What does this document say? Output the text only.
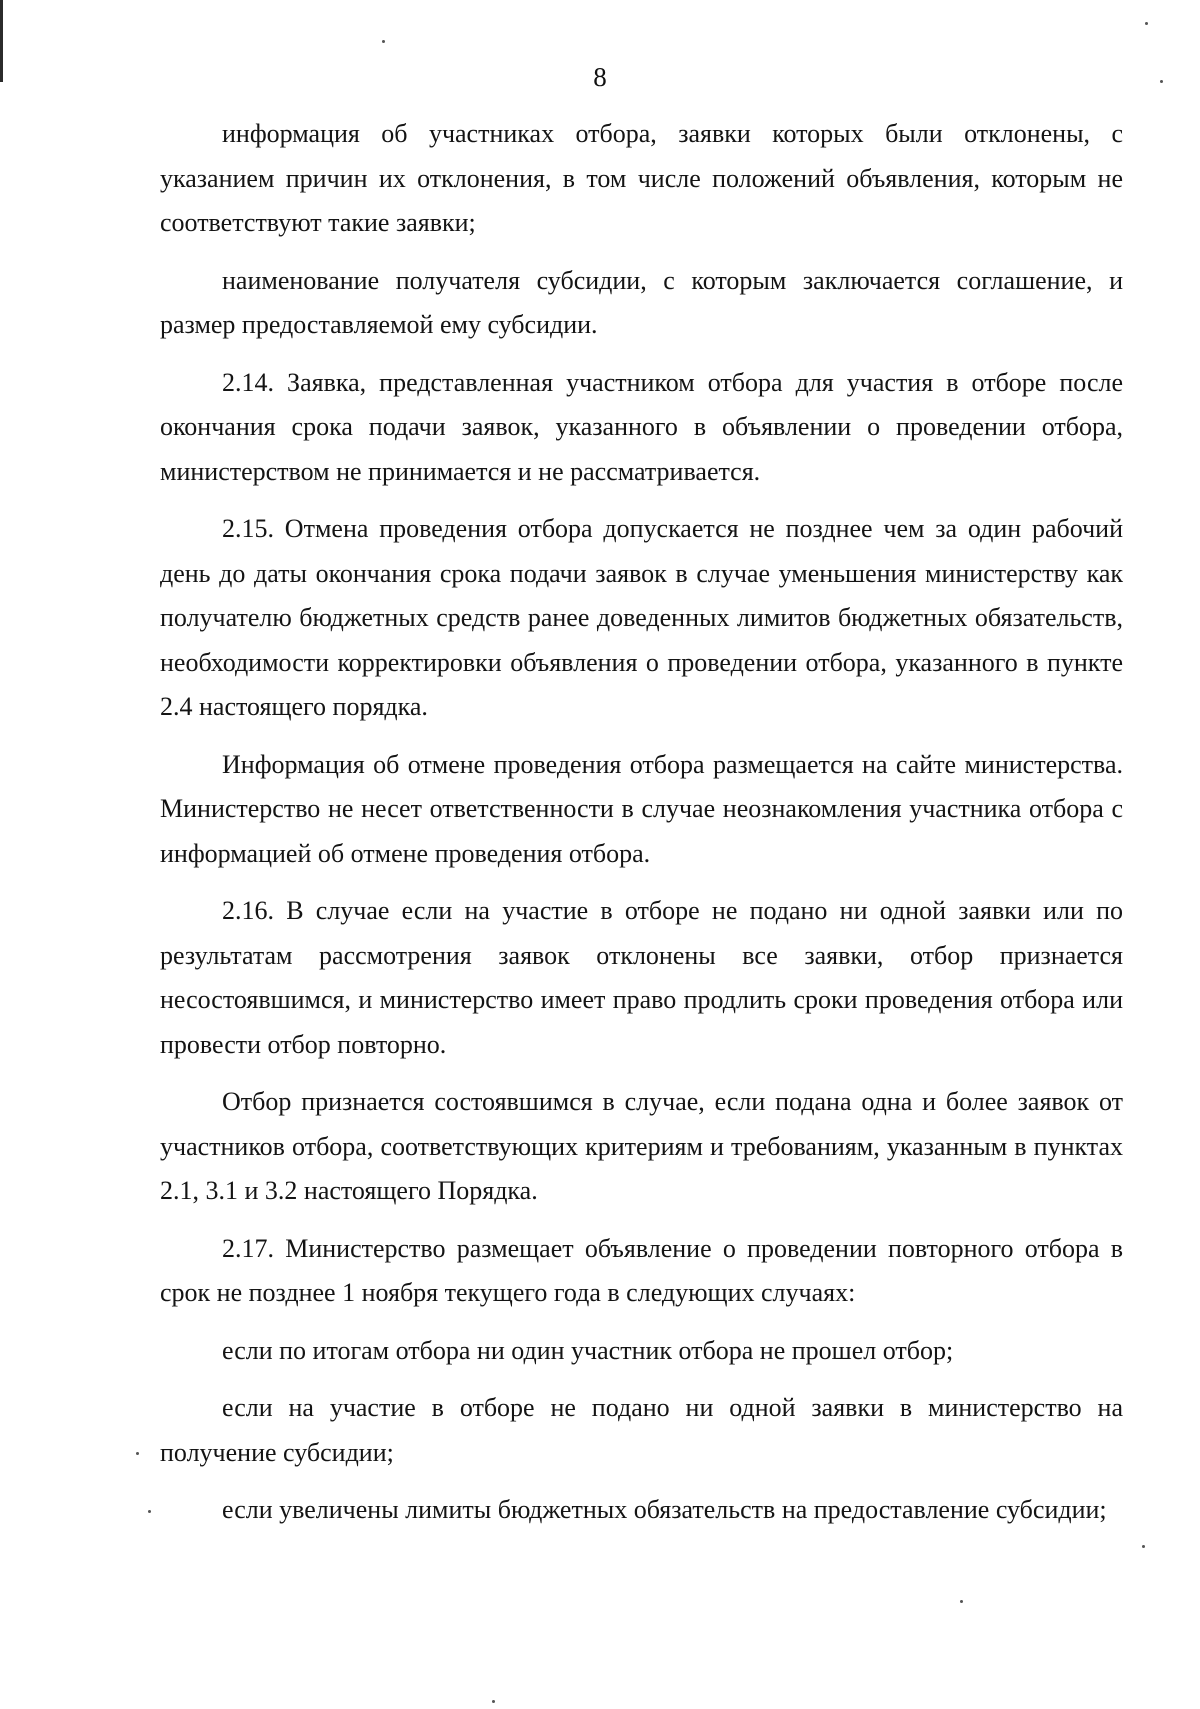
8

информация об участниках отбора, заявки которых были отклонены, с указанием причин их отклонения, в том числе положений объявления, которым не соответствуют такие заявки;

наименование получателя субсидии, с которым заключается соглашение, и размер предоставляемой ему субсидии.

2.14. Заявка, представленная участником отбора для участия в отборе после окончания срока подачи заявок, указанного в объявлении о проведении отбора, министерством не принимается и не рассматривается.

2.15. Отмена проведения отбора допускается не позднее чем за один рабочий день до даты окончания срока подачи заявок в случае уменьшения министерству как получателю бюджетных средств ранее доведенных лимитов бюджетных обязательств, необходимости корректировки объявления о проведении отбора, указанного в пункте 2.4 настоящего порядка.

Информация об отмене проведения отбора размещается на сайте министерства. Министерство не несет ответственности в случае неознакомления участника отбора с информацией об отмене проведения отбора.

2.16. В случае если на участие в отборе не подано ни одной заявки или по результатам рассмотрения заявок отклонены все заявки, отбор признается несостоявшимся, и министерство имеет право продлить сроки проведения отбора или провести отбор повторно.

Отбор признается состоявшимся в случае, если подана одна и более заявок от участников отбора, соответствующих критериям и требованиям, указанным в пунктах 2.1, 3.1 и 3.2 настоящего Порядка.

2.17. Министерство размещает объявление о проведении повторного отбора в срок не позднее 1 ноября текущего года в следующих случаях:

если по итогам отбора ни один участник отбора не прошел отбор;

если на участие в отборе не подано ни одной заявки в министерство на получение субсидии;

если увеличены лимиты бюджетных обязательств на предоставление субсидии;
